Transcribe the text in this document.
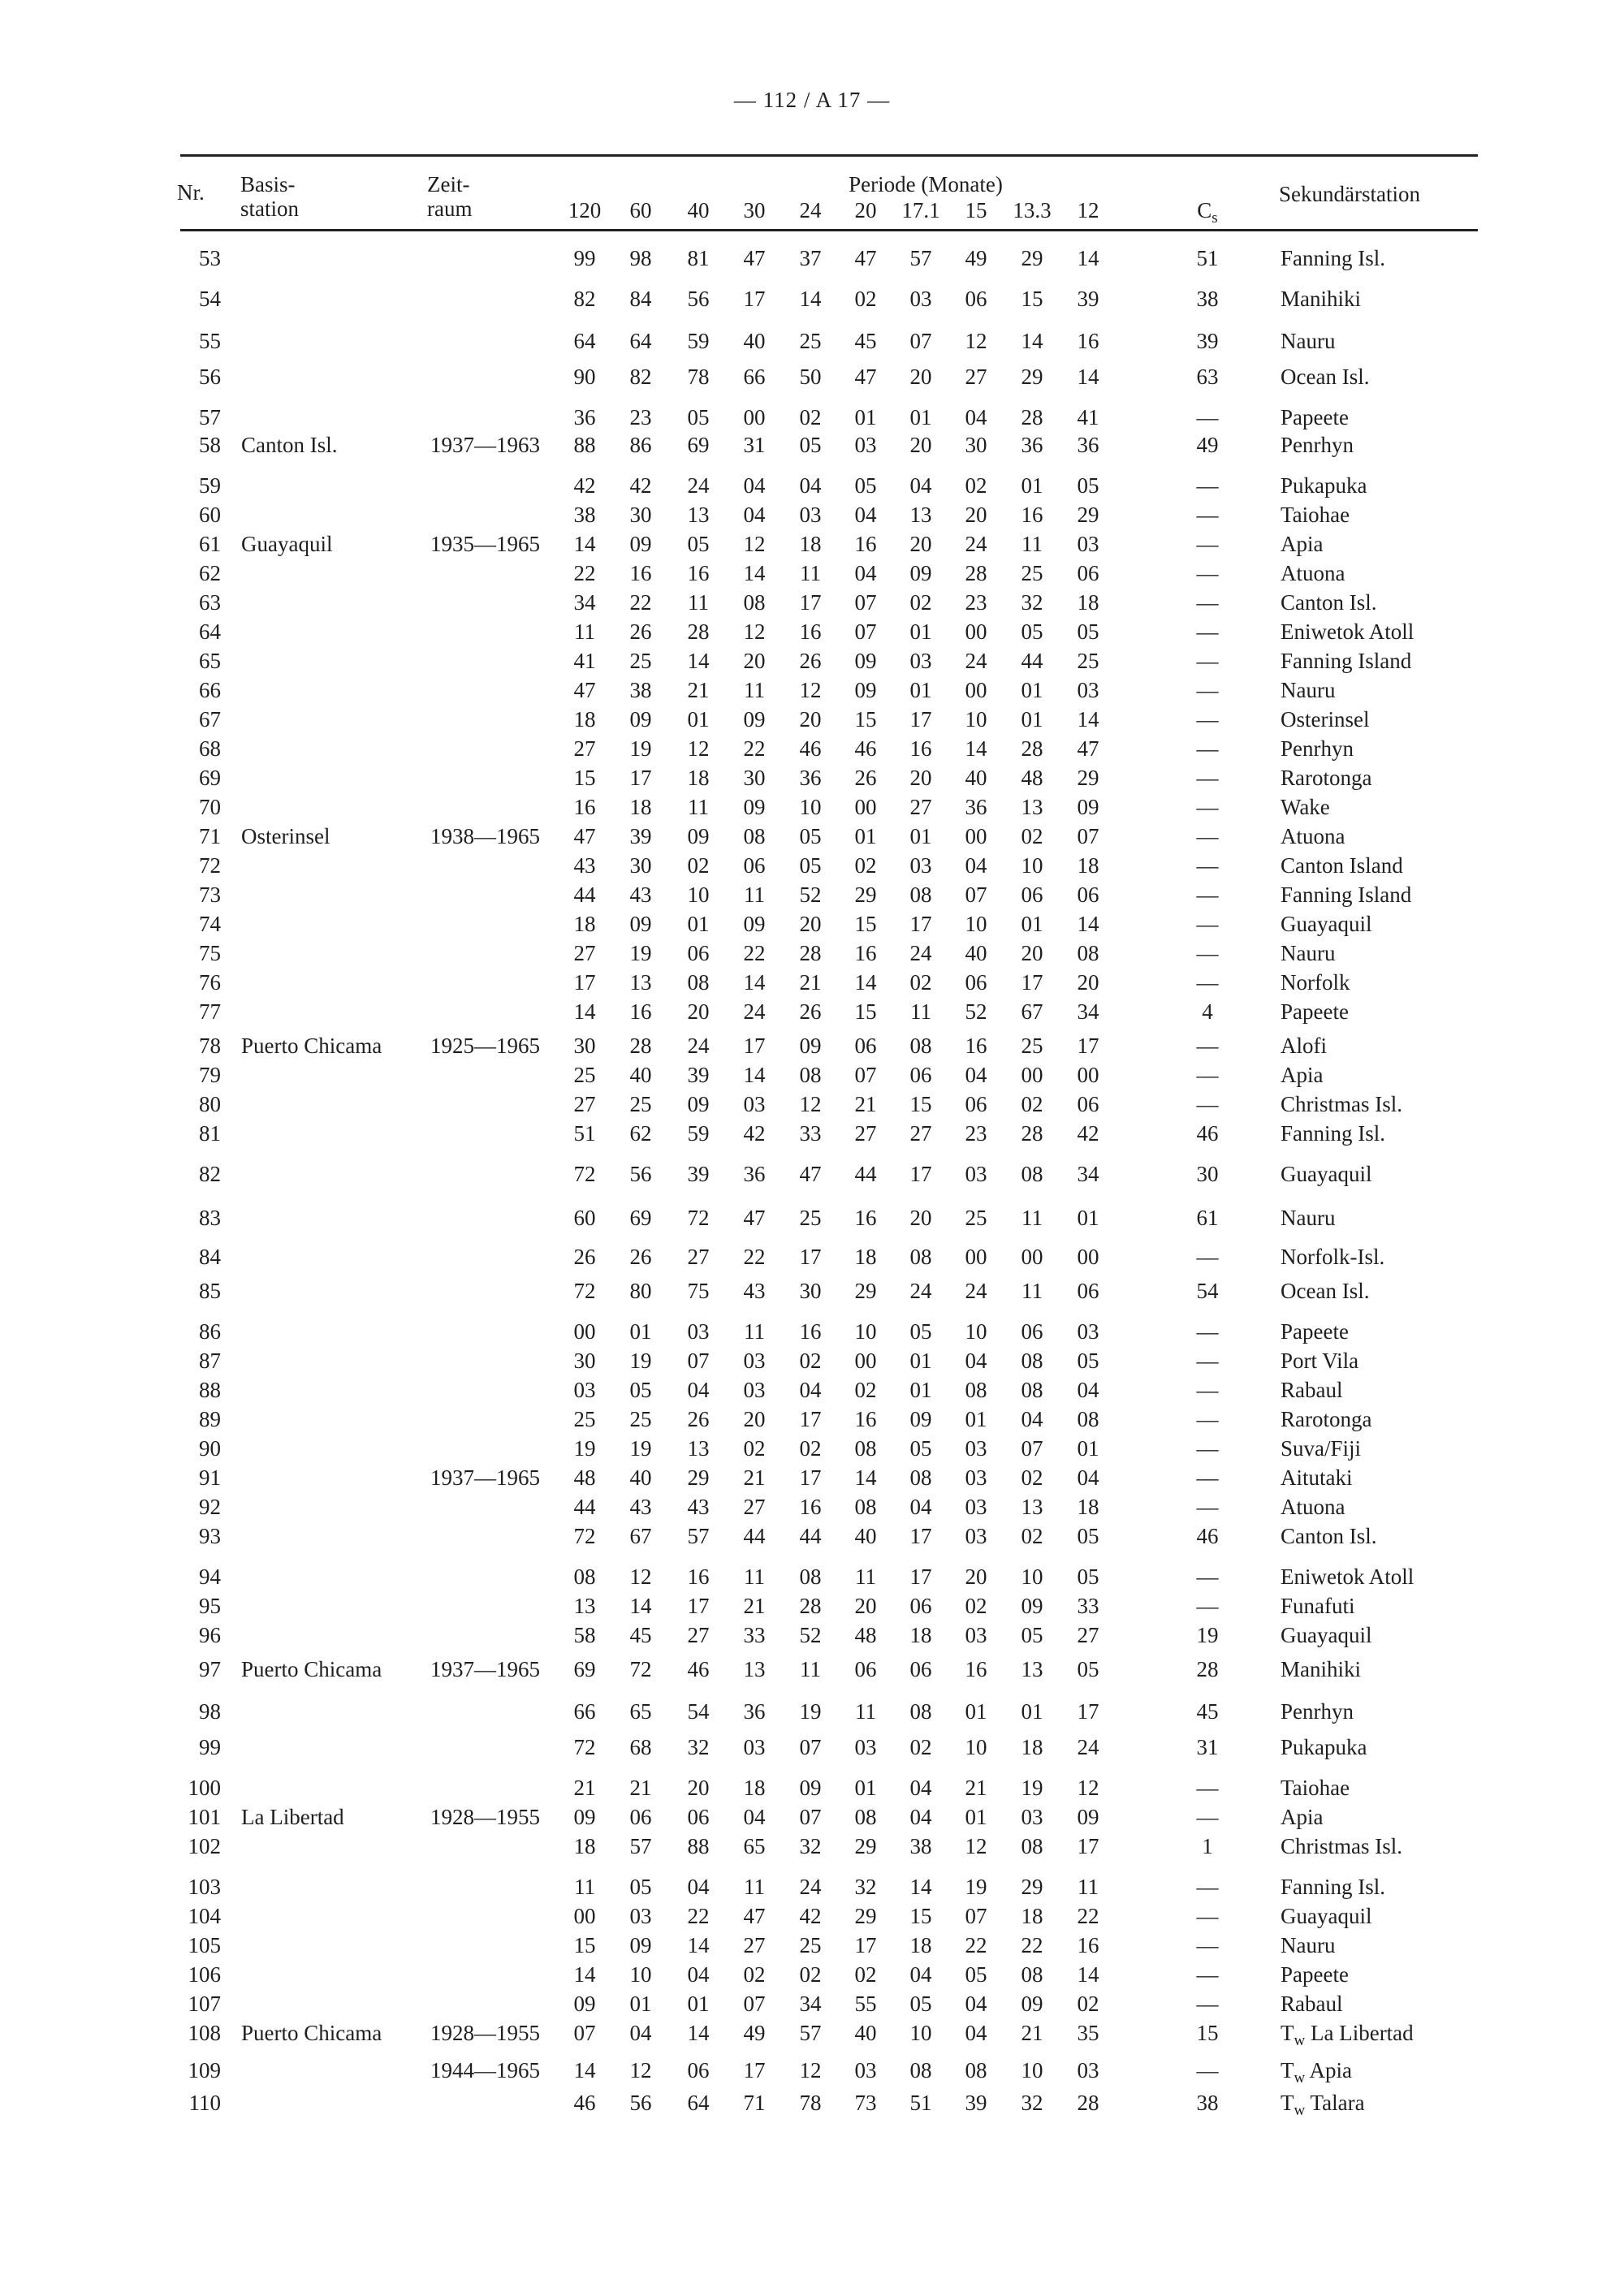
— 112 / A 17 —
Nr. Basis-
station
Zeit-
raum
Periode (Monate)
120	60	40	30	24	20	17.1	15	13.3	12	$C_s$
Sekundärstation
53	99	98	81	47	37	47	57	49	29	14	51	Fanning Isl.
54	82	84	56	17	14	02	03	06	15	39	38	Manihiki
55	64	64	59	40	25	45	07	12	14	16	39	Nauru
56	90	82	78	66	50	47	20	27	29	14	63	Ocean Isl.
57	36	23	05	00	02	01	01	04	28	41	—	Papeete
58 Canton Isl.	1937—1963	88	86	69	31	05	03	20	30	36	36	49	Penrhyn
59	42	42	24	04	04	05	04	02	01	05	—	Pukapuka
60	38	30	13	04	03	04	13	20	16	29	—	Taiohae
61 Guayaquil	1935—1965	14	09	05	12	18	16	20	24	11	03	—	Apia
62	22	16	16	14	11	04	09	28	25	06	—	Atuona
63	34	22	11	08	17	07	02	23	32	18	—	Canton Isl.
64	11	26	28	12	16	07	01	00	05	05	—	Eniwetok Atoll
65	41	25	14	20	26	09	03	24	44	25	—	Fanning Island
66	47	38	21	11	12	09	01	00	01	03	—	Nauru
67	18	09	01	09	20	15	17	10	01	14	—	Osterinsel
68	27	19	12	22	46	46	16	14	28	47	—	Penrhyn
69	15	17	18	30	36	26	20	40	48	29	—	Rarotonga
70	16	18	11	09	10	00	27	36	13	09	—	Wake
71 Osterinsel	1938—1965	47	39	09	08	05	01	01	00	02	07	—	Atuona
72	43	30	02	06	05	02	03	04	10	18	—	Canton Island
73	44	43	10	11	52	29	08	07	06	06	—	Fanning Island
74	18	09	01	09	20	15	17	10	01	14	—	Guayaquil
75	27	19	06	22	28	16	24	40	20	08	—	Nauru
76	17	13	08	14	21	14	02	06	17	20	—	Norfolk
77	14	16	20	24	26	15	11	52	67	34	4	Papeete
78 Puerto Chicama 1925—1965	30	28	24	17	09	06	08	16	25	17	—	Alofi
79	25	40	39	14	08	07	06	04	00	00	—	Apia
80	27	25	09	03	12	21	15	06	02	06	—	Christmas Isl.
81	51	62	59	42	33	27	27	23	28	42	46	Fanning Isl.
82	72	56	39	36	47	44	17	03	08	34	30	Guayaquil
83	60	69	72	47	25	16	20	25	11	01	61	Nauru
84	26	26	27	22	17	18	08	00	00	00	—	Norfolk-Isl.
85	72	80	75	43	30	29	24	24	11	06	54	Ocean Isl.
86	00	01	03	11	16	10	05	10	06	03	—	Papeete
87	30	19	07	03	02	00	01	04	08	05	—	Port Vila
88	03	05	04	03	04	02	01	08	08	04	—	Rabaul
89	25	25	26	20	17	16	09	01	04	08	—	Rarotonga
90	19	19	13	02	02	08	05	03	07	01	—	Suva/Fiji
91	1937—1965	48	40	29	21	17	14	08	03	02	04	—	Aitutaki
92	44	43	43	27	16	08	04	03	13	18	—	Atuona
93	72	67	57	44	44	40	17	03	02	05	46	Canton Isl.
94	08	12	16	11	08	11	17	20	10	05	—	Eniwetok Atoll
95	13	14	17	21	28	20	06	02	09	33	—	Funafuti
96	58	45	27	33	52	48	18	03	05	27	19	Guayaquil
97 Puerto Chicama 1937—1965	69	72	46	13	11	06	06	16	13	05	28	Manihiki
98	66	65	54	36	19	11	08	01	01	17	45	Penrhyn
99	72	68	32	03	07	03	02	10	18	24	31	Pukapuka
100	21	21	20	18	09	01	04	21	19	12	—	Taiohae
101 La Libertad	1928—1955	09	06	06	04	07	08	04	01	03	09	—	Apia
102	18	57	88	65	32	29	38	12	08	17	1	Christmas Isl.
103	11	05	04	11	24	32	14	19	29	11	—	Fanning Isl.
104	00	03	22	47	42	29	15	07	18	22	—	Guayaquil
105	15	09	14	27	25	17	18	22	22	16	—	Nauru
106	14	10	04	02	02	02	04	05	08	14	—	Papeete
107	09	01	01	07	34	55	05	04	09	02	—	Rabaul
108 Puerto Chicama 1928—1955	07	04	14	49	57	40	10	04	21	35	15	$T_w$ La Libertad
109	1944—1965	14	12	06	17	12	03	08	08	10	03	—	$T_w$ Apia
110	46	56	64	71	78	73	51	39	32	28	38	$T_w$ Talara
